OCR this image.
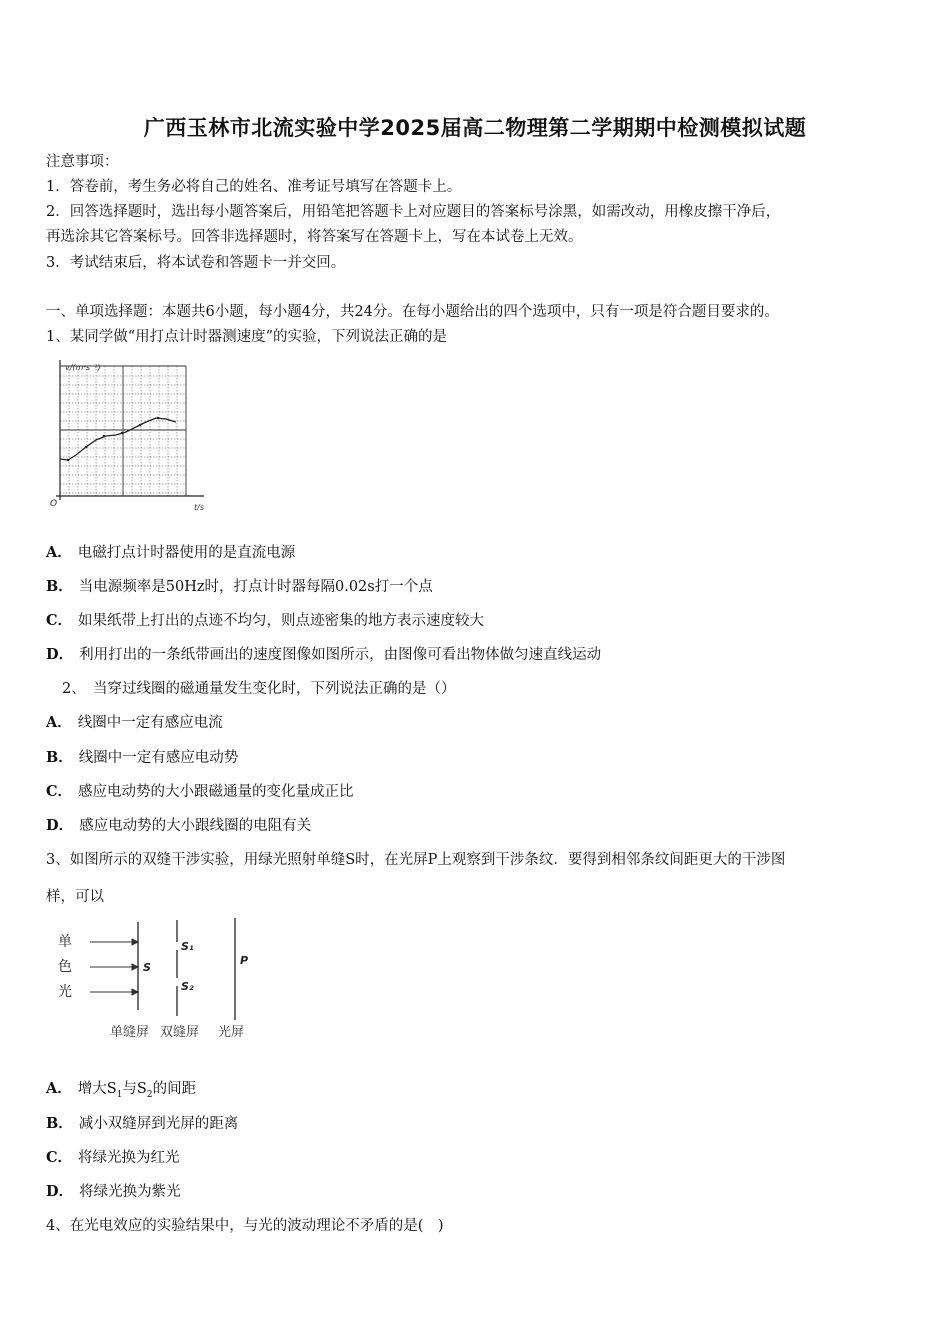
广西玉林市北流实验中学2025届高二物理第二学期期中检测模拟试题
注意事项：
1．答卷前，考生务必将自己的姓名、准考证号填写在答题卡上。
2．回答选择题时，选出每小题答案后，用铅笔把答题卡上对应题目的答案标号涂黑，如需改动，用橡皮擦干净后，
再选涂其它答案标号。回答非选择题时，将答案写在答题卡上，写在本试卷上无效。
3．考试结束后，将本试卷和答题卡一并交回。
一、单项选择题：本题共6小题，每小题4分，共24分。在每小题给出的四个选项中，只有一项是符合题目要求的。
1、某同学做“用打点计时器测速度”的实验，下列说法正确的是
v/(m·s⁻¹)
t/s
O
A． 电磁打点计时器使用的是直流电源
B． 当电源频率是50Hz时，打点计时器每隔0.02s打一个点
C． 如果纸带上打出的点迹不均匀，则点迹密集的地方表示速度较大
D． 利用打出的一条纸带画出的速度图像如图所示，由图像可看出物体做匀速直线运动
2、　当穿过线圈的磁通量发生变化时，下列说法正确的是（）
A． 线圈中一定有感应电流
B． 线圈中一定有感应电动势
C． 感应电动势的大小跟磁通量的变化量成正比
D． 感应电动势的大小跟线圈的电阻有关
3、如图所示的双缝干涉实验，用绿光照射单缝S时，在光屏P上观察到干涉条纹．要得到相邻条纹间距更大的干涉图
样，可以
单
色
光
S
S₁
S₂
P
单缝屏 双缝屏 光屏
A． 增大$S_1$与$S_2$的间距
B． 减小双缝屏到光屏的距离
C． 将绿光换为红光
D． 将绿光换为紫光
4、在光电效应的实验结果中，与光的波动理论不矛盾的是(　)
